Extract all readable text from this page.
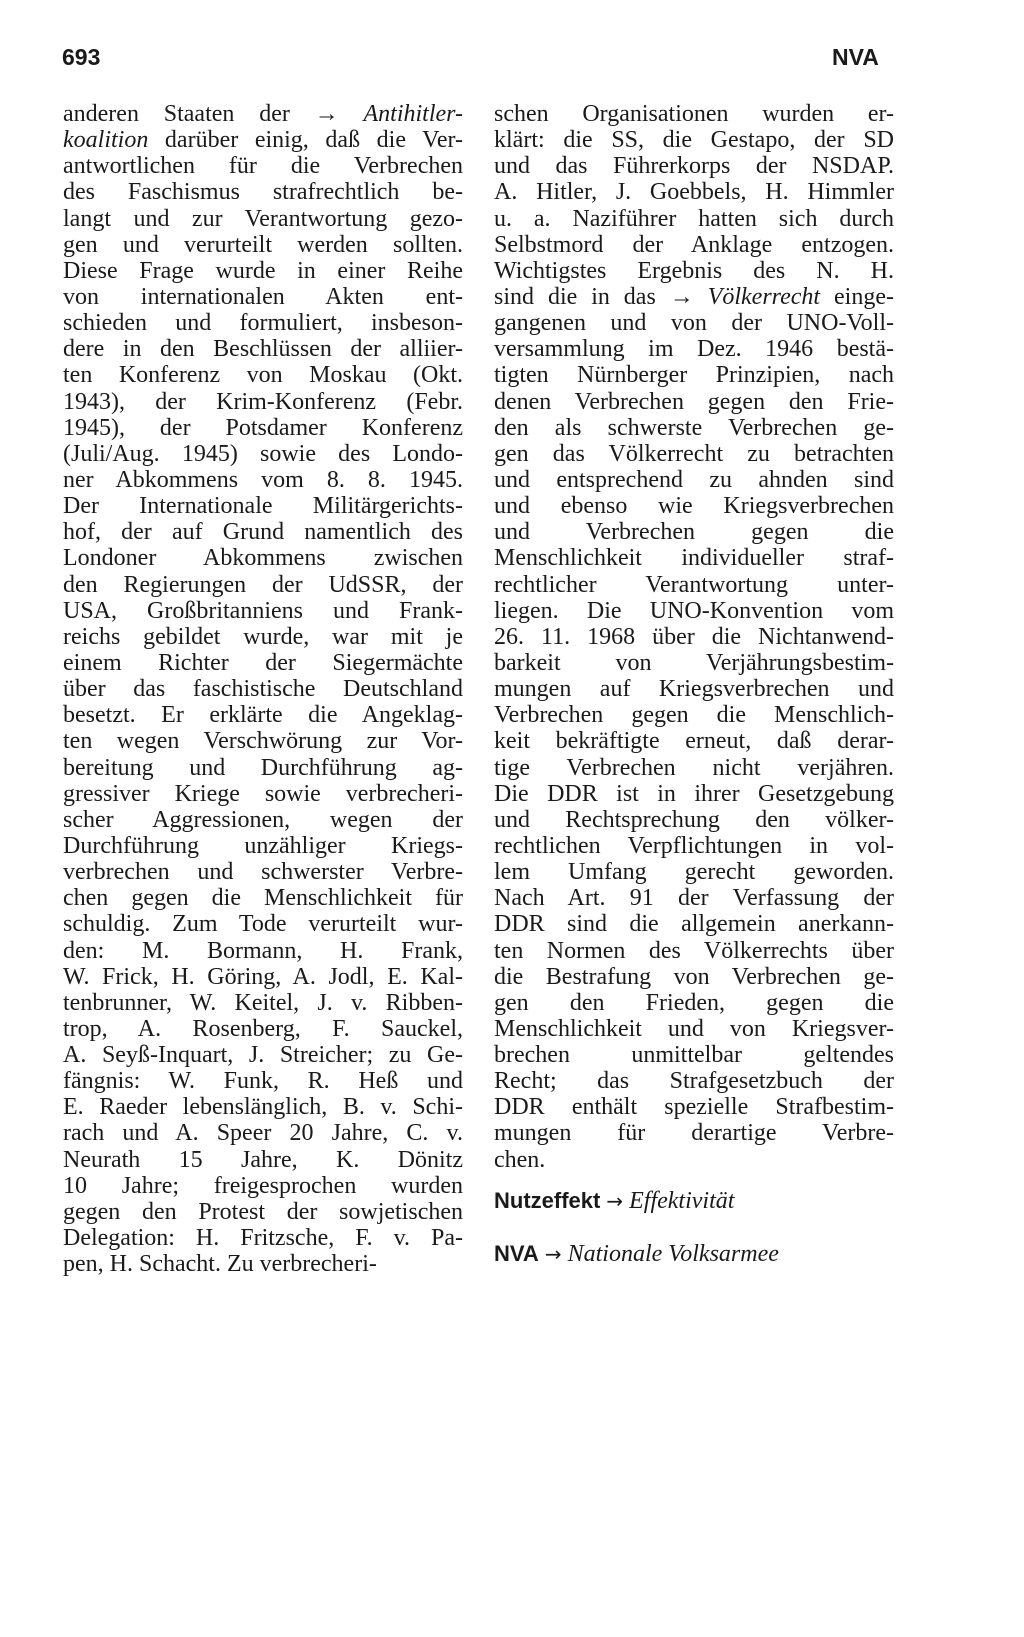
693	NVA
anderen Staaten der → Antihitler-
koalition darüber einig, daß die Ver-
antwortlichen für die Verbrechen
des Faschismus strafrechtlich be-
langt und zur Verantwortung gezo-
gen und verurteilt werden sollten.
Diese Frage wurde in einer Reihe
von internationalen Akten ent-
schieden und formuliert, insbeson-
dere in den Beschlüssen der alliier-
ten Konferenz von Moskau (Okt.
1943), der Krim-Konferenz (Febr.
1945), der Potsdamer Konferenz
(Juli/Aug. 1945) sowie des Londo-
ner Abkommens vom 8. 8. 1945.
Der Internationale Militärgerichts-
hof, der auf Grund namentlich des
Londoner Abkommens zwischen
den Regierungen der UdSSR, der
USA, Großbritanniens und Frank-
reichs gebildet wurde, war mit je
einem Richter der Siegermächte
über das faschistische Deutschland
besetzt. Er erklärte die Angeklag-
ten wegen Verschwörung zur Vor-
bereitung und Durchführung ag-
gressiver Kriege sowie verbrecheri-
scher Aggressionen, wegen der
Durchführung unzähliger Kriegs-
verbrechen und schwerster Verbre-
chen gegen die Menschlichkeit für
schuldig. Zum Tode verurteilt wur-
den: M. Bormann, H. Frank,
W. Frick, H. Göring, A. Jodl, E. Kal-
tenbrunner, W. Keitel, J. v. Ribben-
trop, A. Rosenberg, F. Sauckel,
A. Seyß-Inquart, J. Streicher; zu Ge-
fängnis: W. Funk, R. Heß und
E. Raeder lebenslänglich, B. v. Schi-
rach und A. Speer 20 Jahre, C. v.
Neurath 15 Jahre, K. Dönitz
10 Jahre; freigesprochen wurden
gegen den Protest der sowjetischen
Delegation: H. Fritzsche, F. v. Pa-
pen, H. Schacht. Zu verbrecheri-
schen Organisationen wurden er-
klärt: die SS, die Gestapo, der SD
und das Führerkorps der NSDAP.
A. Hitler, J. Goebbels, H. Himmler
u. a. Naziführer hatten sich durch
Selbstmord der Anklage entzogen.
Wichtigstes Ergebnis des N. H.
sind die in das → Völkerrecht einge-
gangenen und von der UNO-Voll-
versammlung im Dez. 1946 bestä-
tigten Nürnberger Prinzipien, nach
denen Verbrechen gegen den Frie-
den als schwerste Verbrechen ge-
gen das Völkerrecht zu betrachten
und entsprechend zu ahnden sind
und ebenso wie Kriegsverbrechen
und Verbrechen gegen die
Menschlichkeit individueller straf-
rechtlicher Verantwortung unter-
liegen. Die UNO-Konvention vom
26. 11. 1968 über die Nichtanwend-
barkeit von Verjährungsbestim-
mungen auf Kriegsverbrechen und
Verbrechen gegen die Menschlich-
keit bekräftigte erneut, daß derar-
tige Verbrechen nicht verjähren.
Die DDR ist in ihrer Gesetzgebung
und Rechtsprechung den völker-
rechtlichen Verpflichtungen in vol-
lem Umfang gerecht geworden.
Nach Art. 91 der Verfassung der
DDR sind die allgemein anerkann-
ten Normen des Völkerrechts über
die Bestrafung von Verbrechen ge-
gen den Frieden, gegen die
Menschlichkeit und von Kriegsver-
brechen unmittelbar geltendes
Recht; das Strafgesetzbuch der
DDR enthält spezielle Strafbestim-
mungen für derartige Verbre-
chen.
Nutzeffekt → Effektivität
NVA → Nationale Volksarmee
